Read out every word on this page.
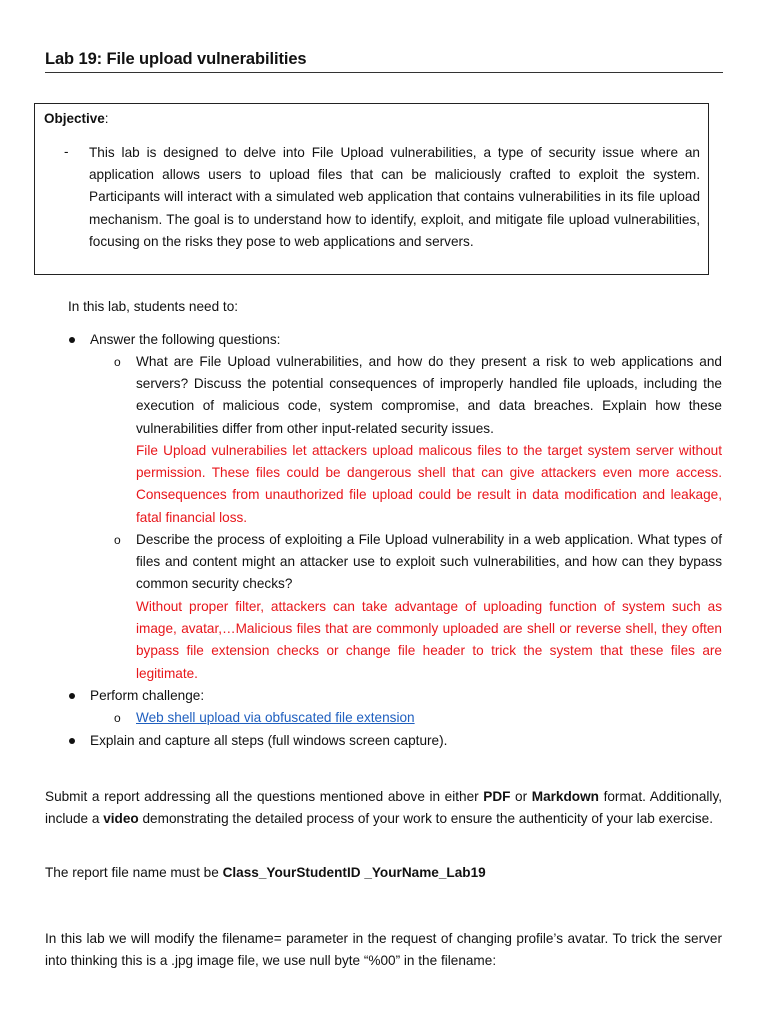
Lab 19: File upload vulnerabilities
Objective:
- This lab is designed to delve into File Upload vulnerabilities, a type of security issue where an application allows users to upload files that can be maliciously crafted to exploit the system. Participants will interact with a simulated web application that contains vulnerabilities in its file upload mechanism. The goal is to understand how to identify, exploit, and mitigate file upload vulnerabilities, focusing on the risks they pose to web applications and servers.
In this lab, students need to:
Answer the following questions:
o What are File Upload vulnerabilities, and how do they present a risk to web applications and servers? Discuss the potential consequences of improperly handled file uploads, including the execution of malicious code, system compromise, and data breaches. Explain how these vulnerabilities differ from other input-related security issues.
File Upload vulnerabilies let attackers upload malicous files to the target system server without permission. These files could be dangerous shell that can give attackers even more access. Consequences from unauthorized file upload could be result in data modification and leakage, fatal financial loss.
o Describe the process of exploiting a File Upload vulnerability in a web application. What types of files and content might an attacker use to exploit such vulnerabilities, and how can they bypass common security checks?
Without proper filter, attackers can take advantage of uploading function of system such as image, avatar,…Malicious files that are commonly uploaded are shell or reverse shell, they often bypass file extension checks or change file header to trick the system that these files are legitimate.
Perform challenge:
o Web shell upload via obfuscated file extension
Explain and capture all steps (full windows screen capture).
Submit a report addressing all the questions mentioned above in either PDF or Markdown format. Additionally, include a video demonstrating the detailed process of your work to ensure the authenticity of your lab exercise.
The report file name must be Class_YourStudentID _YourName_Lab19
In this lab we will modify the filename= parameter in the request of changing profile’s avatar. To trick the server into thinking this is a .jpg image file, we use null byte “%00” in the filename:
